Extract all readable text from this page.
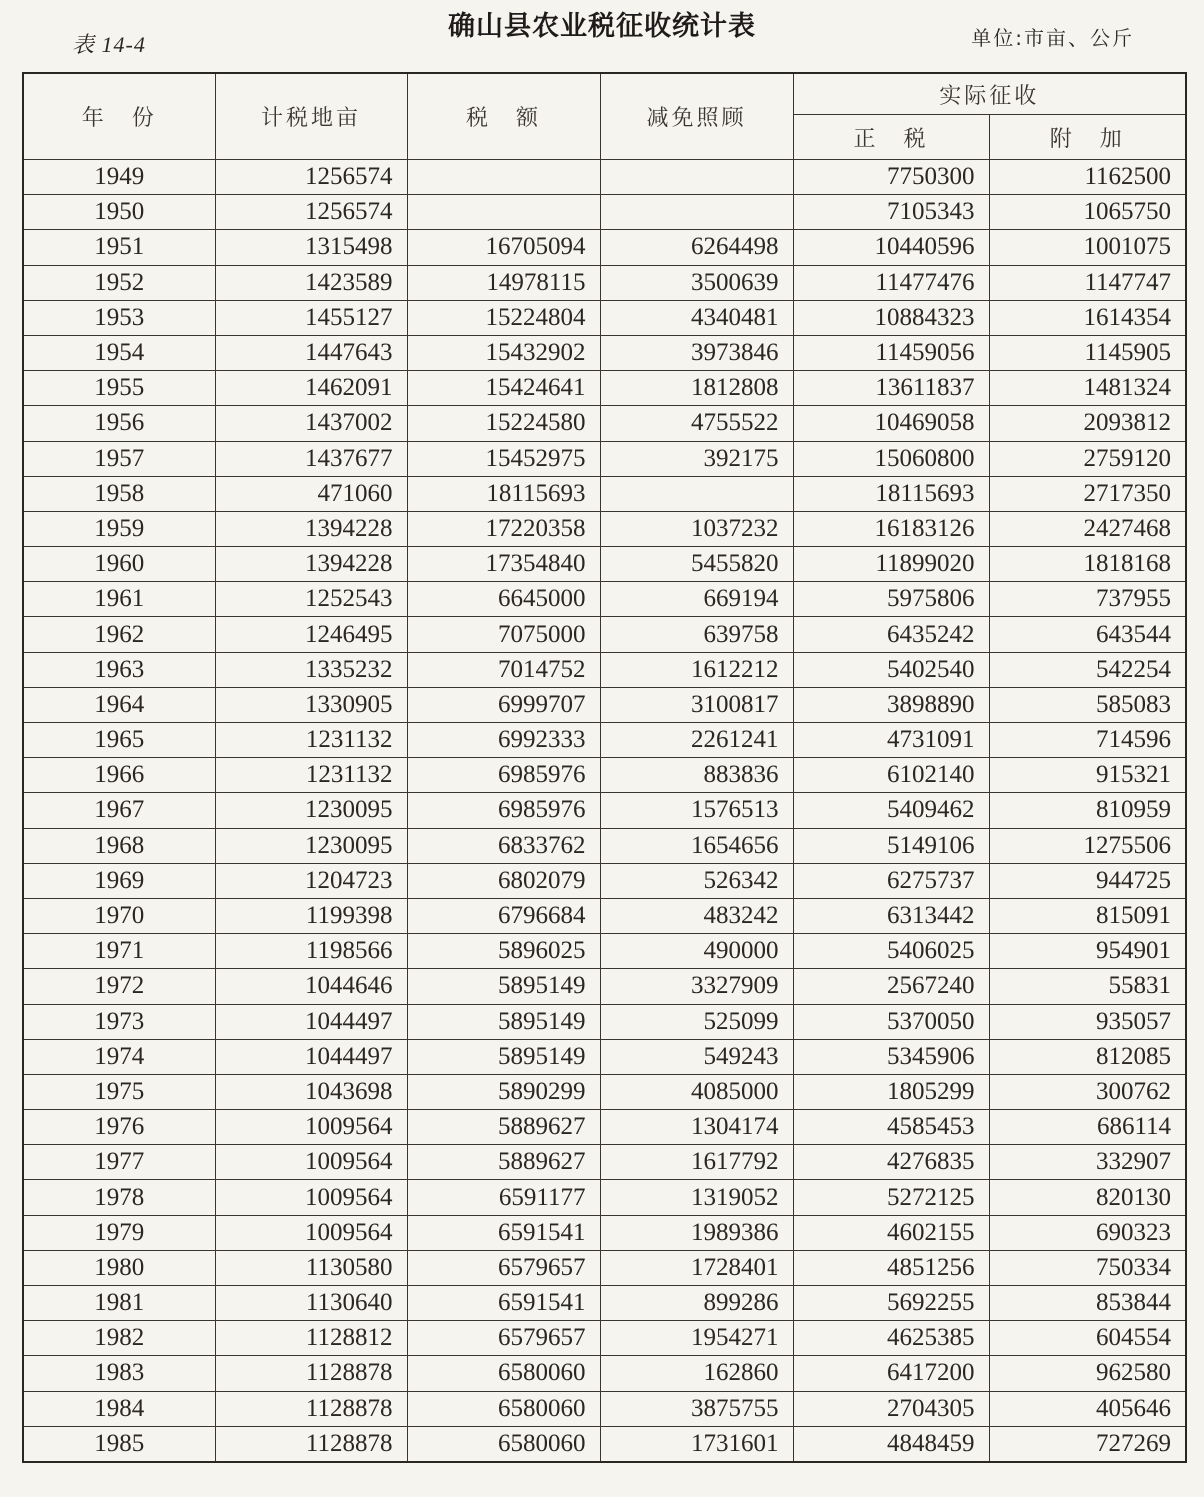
表 14-4
确山县农业税征收统计表	单位:市亩、公斤
年　份	计税地亩	税　额	减免照顾	实际征收	
				正　税	附　加
1949	1256574			7750300	1162500
1950	1256574			7105343	1065750
1951	1315498	16705094	6264498	10440596	1001075
1952	1423589	14978115	3500639	11477476	1147747
1953	1455127	15224804	4340481	10884323	1614354
1954	1447643	15432902	3973846	11459056	1145905
1955	1462091	15424641	1812808	13611837	1481324
1956	1437002	15224580	4755522	10469058	2093812
1957	1437677	15452975	392175	15060800	2759120
1958	471060	18115693		18115693	2717350
1959	1394228	17220358	1037232	16183126	2427468
1960	1394228	17354840	5455820	11899020	1818168
1961	1252543	6645000	669194	5975806	737955
1962	1246495	7075000	639758	6435242	643544
1963	1335232	7014752	1612212	5402540	542254
1964	1330905	6999707	3100817	3898890	585083
1965	1231132	6992333	2261241	4731091	714596
1966	1231132	6985976	883836	6102140	915321
1967	1230095	6985976	1576513	5409462	810959
1968	1230095	6833762	1654656	5149106	1275506
1969	1204723	6802079	526342	6275737	944725
1970	1199398	6796684	483242	6313442	815091
1971	1198566	5896025	490000	5406025	954901
1972	1044646	5895149	3327909	2567240	55831
1973	1044497	5895149	525099	5370050	935057
1974	1044497	5895149	549243	5345906	812085
1975	1043698	5890299	4085000	1805299	300762
1976	1009564	5889627	1304174	4585453	686114
1977	1009564	5889627	1617792	4276835	332907
1978	1009564	6591177	1319052	5272125	820130
1979	1009564	6591541	1989386	4602155	690323
1980	1130580	6579657	1728401	4851256	750334
1981	1130640	6591541	899286	5692255	853844
1982	1128812	6579657	1954271	4625385	604554
1983	1128878	6580060	162860	6417200	962580
1984	1128878	6580060	3875755	2704305	405646
1985	1128878	6580060	1731601	4848459	727269
